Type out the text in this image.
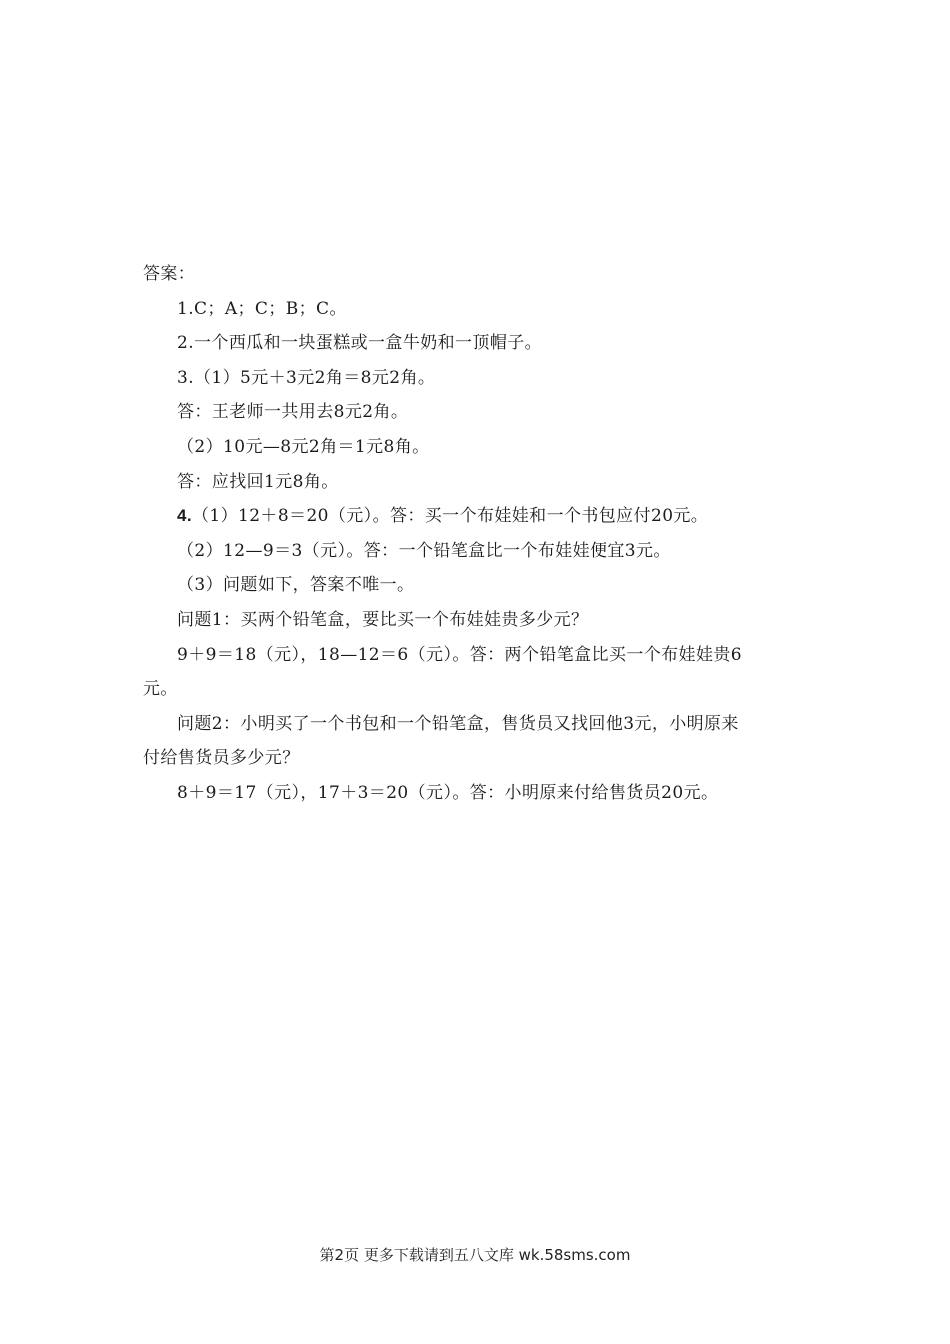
答案：
1.C；A；C；B；C。
2.一个西瓜和一块蛋糕或一盒牛奶和一顶帽子。
3.（1）5元＋3元2角＝8元2角。
答：王老师一共用去8元2角。
（2）10元—8元2角＝1元8角。
答：应找回1元8角。
4.（1）12＋8＝20（元）。答：买一个布娃娃和一个书包应付20元。
（2）12—9＝3（元）。答：一个铅笔盒比一个布娃娃便宜3元。
（3）问题如下，答案不唯一。
问题1：买两个铅笔盒，要比买一个布娃娃贵多少元？
9＋9＝18（元），18—12＝6（元）。答：两个铅笔盒比买一个布娃娃贵6
元。
问题2：小明买了一个书包和一个铅笔盒，售货员又找回他3元，小明原来
付给售货员多少元？
8＋9＝17（元），17＋3＝20（元）。答：小明原来付给售货员20元。
第2页 更多下载请到五八文库 wk.58sms.com
